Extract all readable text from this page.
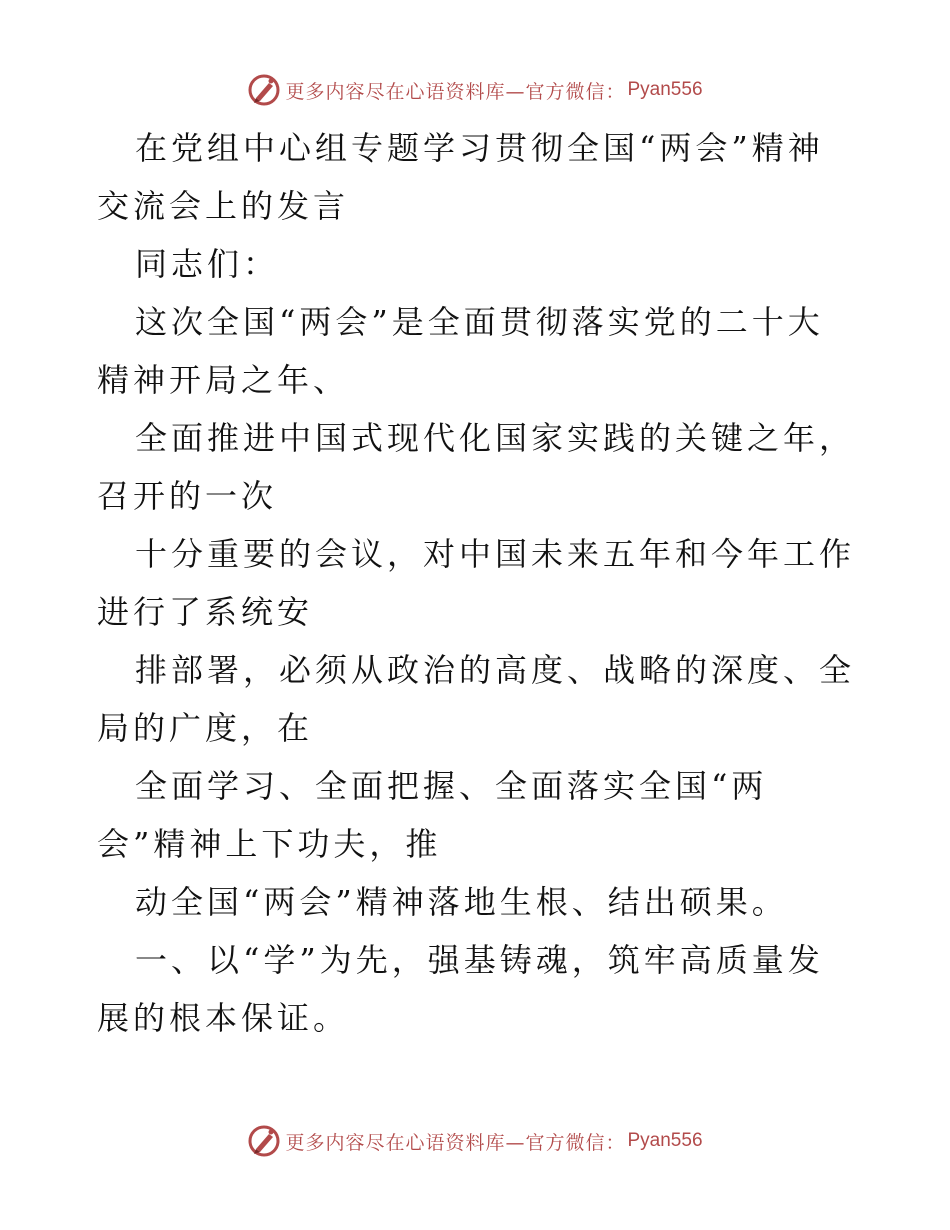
更多内容尽在心语资料库—官方微信： Pyan556

在党组中心组专题学习贯彻全国“两会”精神交流会上的发言

同志们：

这次全国“两会”是全面贯彻落实党的二十大精神开局之年、

全面推进中国式现代化国家实践的关键之年，召开的一次

十分重要的会议，对中国未来五年和今年工作进行了系统安

排部署，必须从政治的高度、战略的深度、全局的广度，在

全面学习、全面把握、全面落实全国“两会”精神上下功夫，推

动全国“两会”精神落地生根、结出硕果。

一、以“学”为先，强基铸魂，筑牢高质量发展的根本保证。

更多内容尽在心语资料库—官方微信： Pyan556
